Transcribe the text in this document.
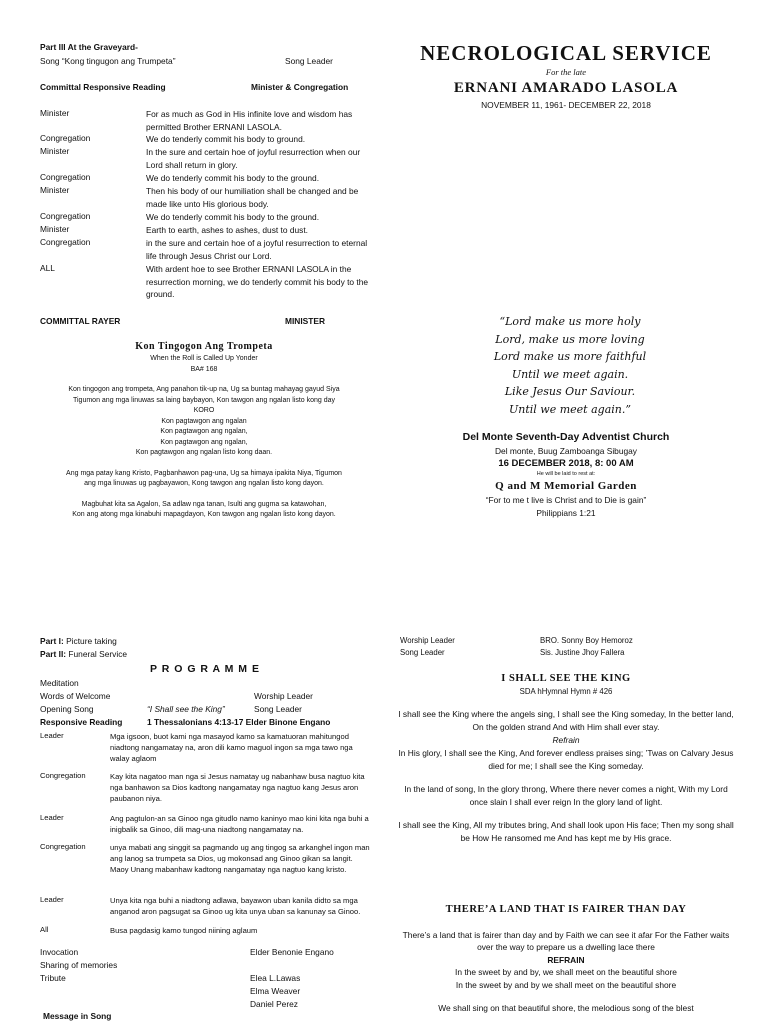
Part III At the Graveyard-
Song “Kong tingugon ang Trumpeta”	Song Leader
Committal Responsive Reading	Minister & Congregation
Minister	For as much as God in His infinite love and wisdom has permitted Brother ERNANI LASOLA.
Congregation	We do tenderly commit his body to ground.
Minister	In the sure and certain hoe of joyful resurrection when our Lord shall return in glory.
Congregation	We do tenderly commit his body to the ground.
Minister	Then his body of our humiliation shall be changed and be made like unto His glorious body.
Congregation	We do tenderly commit his body to the ground.
Minister	Earth to earth, ashes to ashes, dust to dust.
Congregation	in the sure and certain hoe of a joyful resurrection to eternal life through Jesus Christ our Lord.
ALL	With ardent hoe to see Brother ERNANI LASOLA in the resurrection morning, we do tenderly commit his body to the ground.
COMMITTAL RAYER	MINISTER
Kon Tingogon Ang Trompeta
When the Roll is Called Up Yonder
BA# 168
Kon tingogon ang trompeta, Ang panahon tik-up na, Ug sa buntag mahayag gayud Siya
Tigumon ang mga linuwas sa laing baybayon, Kon tawgon ang ngalan listo kong day
KORO
Kon pagtawgon ang ngalan
Kon pagtawgon ang ngalan,
Kon pagtawgon ang ngalan,
Kon pagtawgon ang ngalan listo kong daan.
Ang mga patay kang Kristo, Pagbanhawon pag-una, Ug sa himaya ipakita Niya, Tigumon
ang mga linuwas ug pagbayawon, Kong tawgon ang ngalan listo kong dayon.
Magbuhat kita sa Agalon, Sa adlaw nga tanan, Isulti ang gugma sa katawohan,
Kon ang atong mga kinabuhi mapagdayon, Kon tawgon ang ngalan listo kong dayon.
NECROLOGICAL SERVICE
For the late
ERNANI AMARADO LASOLA
NOVEMBER 11, 1961- DECEMBER 22, 2018
“Lord make us more holy
Lord, make us more loving
Lord make us more faithful
Until we meet again.
Like Jesus Our Saviour.
Until we meet again.”
Del Monte Seventh-Day Adventist Church
Del monte, Buug Zamboanga Sibugay
16 DECEMBER 2018, 8: 00 AM
He will be laid to rest at:
Q and M Memorial Garden
“For to me t live is Christ and to Die is gain”
Philippians 1:21
Part I: Picture taking
Part II: Funeral Service
P R O G R A M M E
Meditation
Words of Welcome	Worship Leader
Opening Song	“I Shall see the King”	Song Leader
Responsive Reading	1 Thessalonians 4:13-17 Elder Binone Engano
Leader	Mga igsoon, buot kami nga masayod kamo sa kamatuoran mahitungod niadtong nangamatay na, aron dili kamo maguol ingon sa mga tawo nga walay aglaom
Congregation	Kay kita nagatoo man nga si Jesus namatay ug nabanhaw busa nagtuo kita nga banhawon sa Dios kadtong nangamatay nga nagtuo kang Jesus aron paubanon niya.
Leader	Ang pagtulon-an sa Ginoo nga gitudlo namo kaninyo mao kini kita nga buhi a inigbalik sa Ginoo, dili mag-una niadtong nangamatay na.
Congregation	unya mabati ang singgit sa pagmando ug ang tingog sa arkanghel ingon man ang lanog sa trumpeta sa Dios, ug mokonsad ang Ginoo gikan sa langit. Maoy Unang mabanhaw kadtong nangamatay nga nagtuo kang kristo.
Leader	Unya kita nga buhi a niadtong adlawa, bayawon uban kanila didto sa mga anganod aron pagsugat sa Ginoo ug kita unya uban sa kanunay sa Ginoo.
All	Busa pagdasig kamo tungod niining aglaum
Invocation	Elder Benonie Engano
Sharing of memories
Tribute	Elea L.Lawas
Elma Weaver
Daniel Perez
Message in Song
Worship Leader	BRO. Sonny Boy Hemoroz
Song Leader	Sis. Justine Jhoy Fallera

I SHALL SEE THE KING

SDA hHymnal Hymn # 426

I shall see the King where the angels sing, I shall see the King someday, In the better land, On the golden strand And with Him shall ever stay.

Refrain

In His glory, I shall see the King, And forever endless praises sing; ’Twas on Calvary Jesus died for me; I shall see the King someday.

In the land of song, In the glory throng, Where there never comes a night, With my Lord once slain I shall ever reign In the glory land of light.

I shall see the King, All my tributes bring, And shall look upon His face; Then my song shall be How He ransomed me And has kept me by His grace.

THERE’A LAND THAT IS FAIRER THAN DAY

There’s a land that is fairer than day and by Faith we can see it afar For the Father waits over the way to prepare us a dwelling lace there

REFRAIN

In the sweet by and by, we shall meet on the beautiful shore

In the sweet by and by we shall meet on the beautiful shore

We shall sing on that beautiful shore, the melodious song of the blest
